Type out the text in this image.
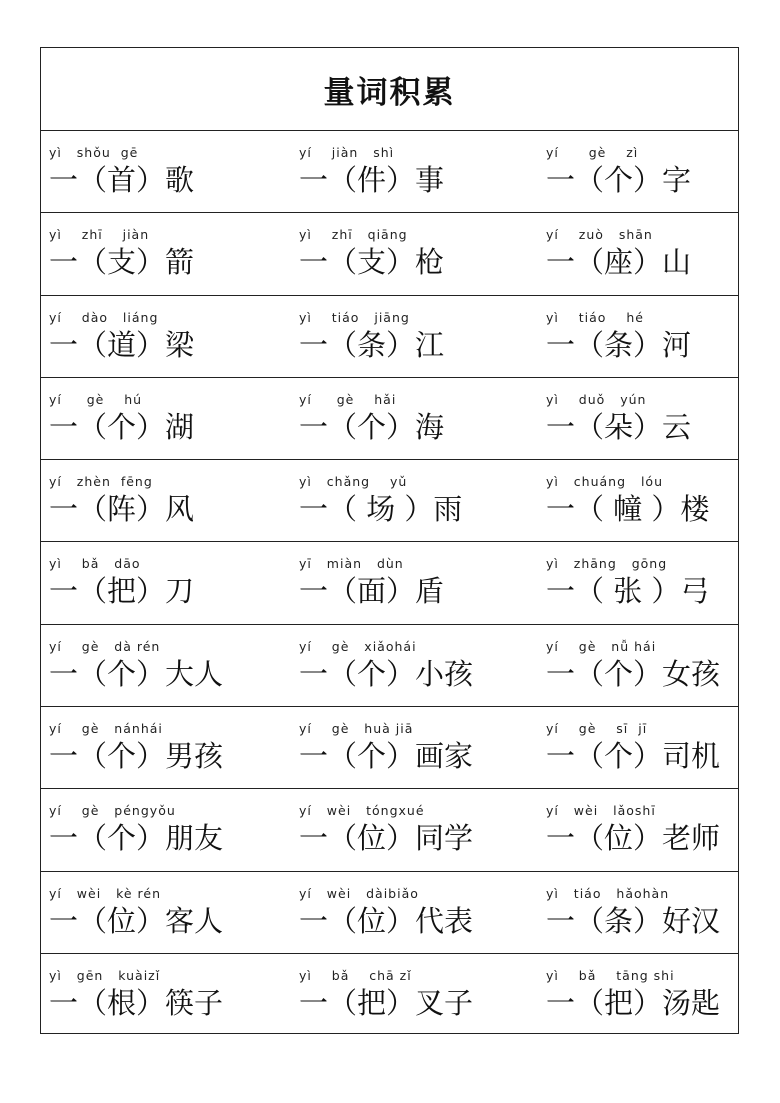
量词积累
yì   shǒu  gē
一（首）歌
yí    jiàn   shì
一（件）事
yí      gè    zì
一（个）字
yì    zhī    jiàn
一（支）箭
yì    zhī   qiāng
一（支）枪
yí    zuò   shān
一（座）山
yí    dào   liáng
一（道）梁
yì    tiáo   jiāng
一（条）江
yì    tiáo    hé
一（条）河
yí     gè    hú
一（个）湖
yí     gè    hǎi
一（个）海
yì    duǒ   yún
一（朵）云
yí   zhèn  fēng
一（阵）风
yì   chǎng    yǔ
一（ 场 ）雨
yì   chuáng   lóu
一（ 幢 ）楼
yì    bǎ   dāo
一（把）刀
yī   miàn   dùn
一（面）盾
yì   zhāng   gōng
一（ 张 ）弓
yí    gè   dà rén
一（个）大人
yí    gè   xiǎohái
一（个）小孩
yí    gè   nǚ hái
一（个）女孩
yí    gè   nánhái
一（个）男孩
yí    gè   huà jiā
一（个）画家
yí    gè    sī  jī
一（个）司机
yí    gè   péngyǒu
一（个）朋友
yí   wèi   tóngxué
一（位）同学
yí   wèi   lǎoshī
一（位）老师
yí   wèi   kè rén
一（位）客人
yí   wèi   dàibiǎo
一（位）代表
yì   tiáo   hǎohàn
一（条）好汉
yì   gēn   kuàizǐ
一（根）筷子
yì    bǎ    chā zǐ
一（把）叉子
yì    bǎ    tāng shi
一（把）汤匙
